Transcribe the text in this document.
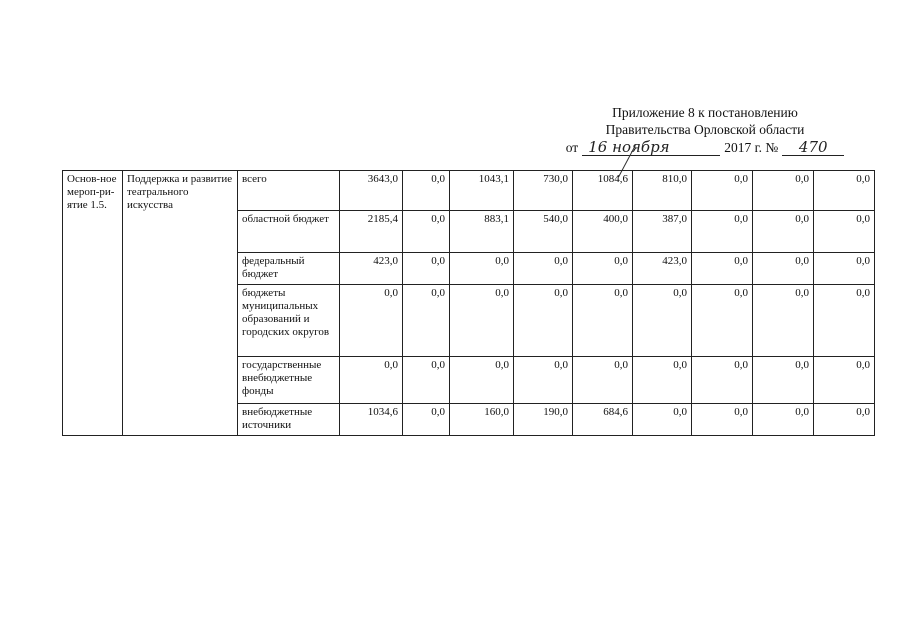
Приложение 8 к постановлению
Правительства Орловской области
от 16 ноября	2017 г. №	470
Основ-ное мероп-ри-ятие 1.5.	Поддержка и развитие театрального искусства	всего	3643,0	0,0	1043,1	730,0	1084,6	810,0	0,0	0,0	0,0
		областной бюджет	2185,4	0,0	883,1	540,0	400,0	387,0	0,0	0,0	0,0
		федеральный бюджет	423,0	0,0	0,0	0,0	0,0	423,0	0,0	0,0	0,0
		бюджеты муниципальных образований и городских округов	0,0	0,0	0,0	0,0	0,0	0,0	0,0	0,0	0,0
		государственные внебюджетные фонды	0,0	0,0	0,0	0,0	0,0	0,0	0,0	0,0	0,0
		внебюджетные источники	1034,6	0,0	160,0	190,0	684,6	0,0	0,0	0,0	0,0
